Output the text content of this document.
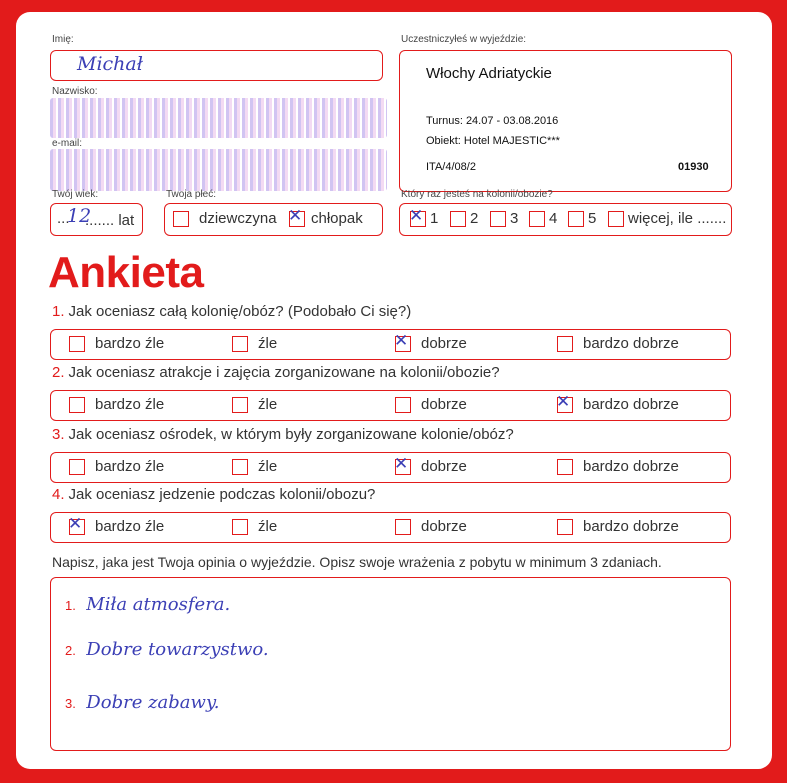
Imię:
Michał
Nazwisko:
e-mail:
Twój wiek:
...
12
....... lat
Twoja płeć:
dziewczyna ✕ chłopak
Uczestniczyłeś w wyjeździe:
Włochy Adriatyckie
Turnus: 24.07 - 03.08.2016
Obiekt: Hotel MAJESTIC***
ITA/4/08/2	01930
Który raz jesteś na kolonii/obozie?
✕
1 2 3 4 5 więcej, ile .......
Ankieta
1. Jak oceniasz całą kolonię/obóz? (Podobało Ci się?)
bardzo źle	źle ✕	dobrze	bardzo dobrze
2. Jak oceniasz atrakcje i zajęcia zorganizowane na kolonii/obozie?
bardzo źle	źle	dobrze ✕	bardzo dobrze
3. Jak oceniasz ośrodek, w którym były zorganizowane kolonie/obóz?
bardzo źle	źle ✕	dobrze	bardzo dobrze
4. Jak oceniasz jedzenie podczas kolonii/obozu?
✕
bardzo źle	źle	dobrze	bardzo dobrze
Napisz, jaka jest Twoja opinia o wyjeździe. Opisz swoje wrażenia z pobytu w minimum 3 zdaniach.
1. Miła atmosfera.
2. Dobre towarzystwo.
3. Dobre zabawy.
